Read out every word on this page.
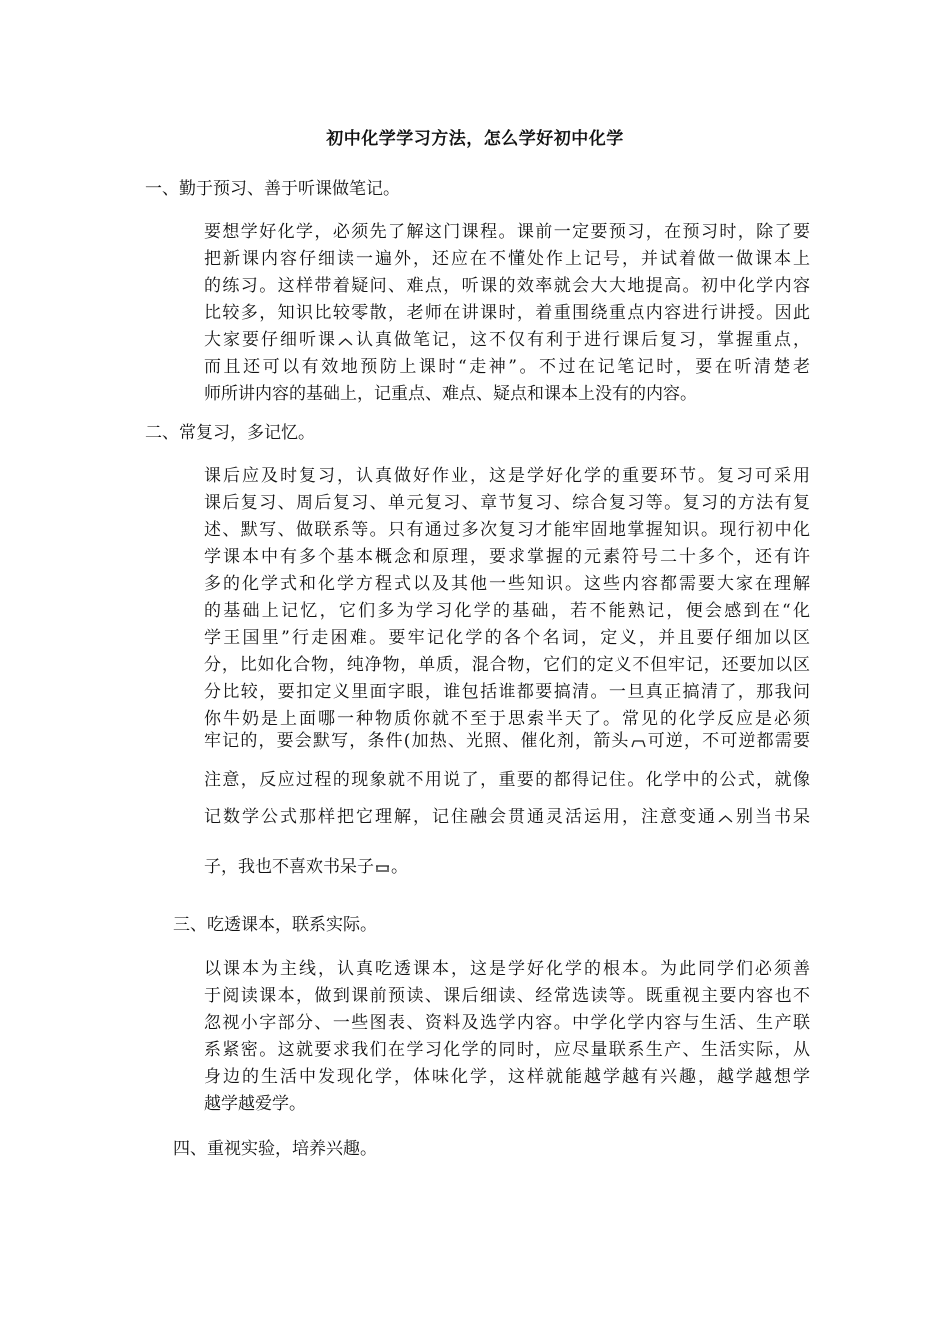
初中化学学习方法，怎么学好初中化学
一、勤于预习、善于听课做笔记。
要想学好化学，必须先了解这门课程。课前一定要预习，在预习时，除了要
把新课内容仔细读一遍外，还应在不懂处作上记号，并试着做一做课本上
的练习。这样带着疑问、难点，听课的效率就会大大地提高。初中化学内容
比较多，知识比较零散，老师在讲课时，着重围绕重点内容进行讲授。因此
大家要仔细听课 认真做笔记，这不仅有利于进行课后复习，掌握重点，
而且还可以有效地预防上课时“走神”。不过在记笔记时，要在听清楚老
师所讲内容的基础上，记重点、难点、疑点和课本上没有的内容。
二、常复习，多记忆。
课后应及时复习，认真做好作业，这是学好化学的重要环节。复习可采用
课后复习、周后复习、单元复习、章节复习、综合复习等。复习的方法有复
述、默写、做联系等。只有通过多次复习才能牢固地掌握知识。现行初中化
学课本中有多个基本概念和原理，要求掌握的元素符号二十多个，还有许
多的化学式和化学方程式以及其他一些知识。这些内容都需要大家在理解
的基础上记忆，它们多为学习化学的基础，若不能熟记，便会感到在“化
学王国里”行走困难。要牢记化学的各个名词，定义，并且要仔细加以区
分，比如化合物，纯净物，单质，混合物，它们的定义不但牢记，还要加以区
分比较，要扣定义里面字眼，谁包括谁都要搞清。一旦真正搞清了，那我问
你牛奶是上面哪一种物质你就不至于思索半天了。常见的化学反应是必须
牢记的，要会默写，条件(加热、光照、催化剂，箭头 可逆，不可逆都需要
注意，反应过程的现象就不用说了，重要的都得记住。化学中的公式，就像
记数学公式那样把它理解，记住融会贯通灵活运用，注意变通 别当书呆
子，我也不喜欢书呆子 。
三、吃透课本，联系实际。
以课本为主线，认真吃透课本，这是学好化学的根本。为此同学们必须善
于阅读课本，做到课前预读、课后细读、经常选读等。既重视主要内容也不
忽视小字部分、一些图表、资料及选学内容。中学化学内容与生活、生产联
系紧密。这就要求我们在学习化学的同时，应尽量联系生产、生活实际，从
身边的生活中发现化学，体味化学，这样就能越学越有兴趣，越学越想学
越学越爱学。
四、重视实验，培养兴趣。
